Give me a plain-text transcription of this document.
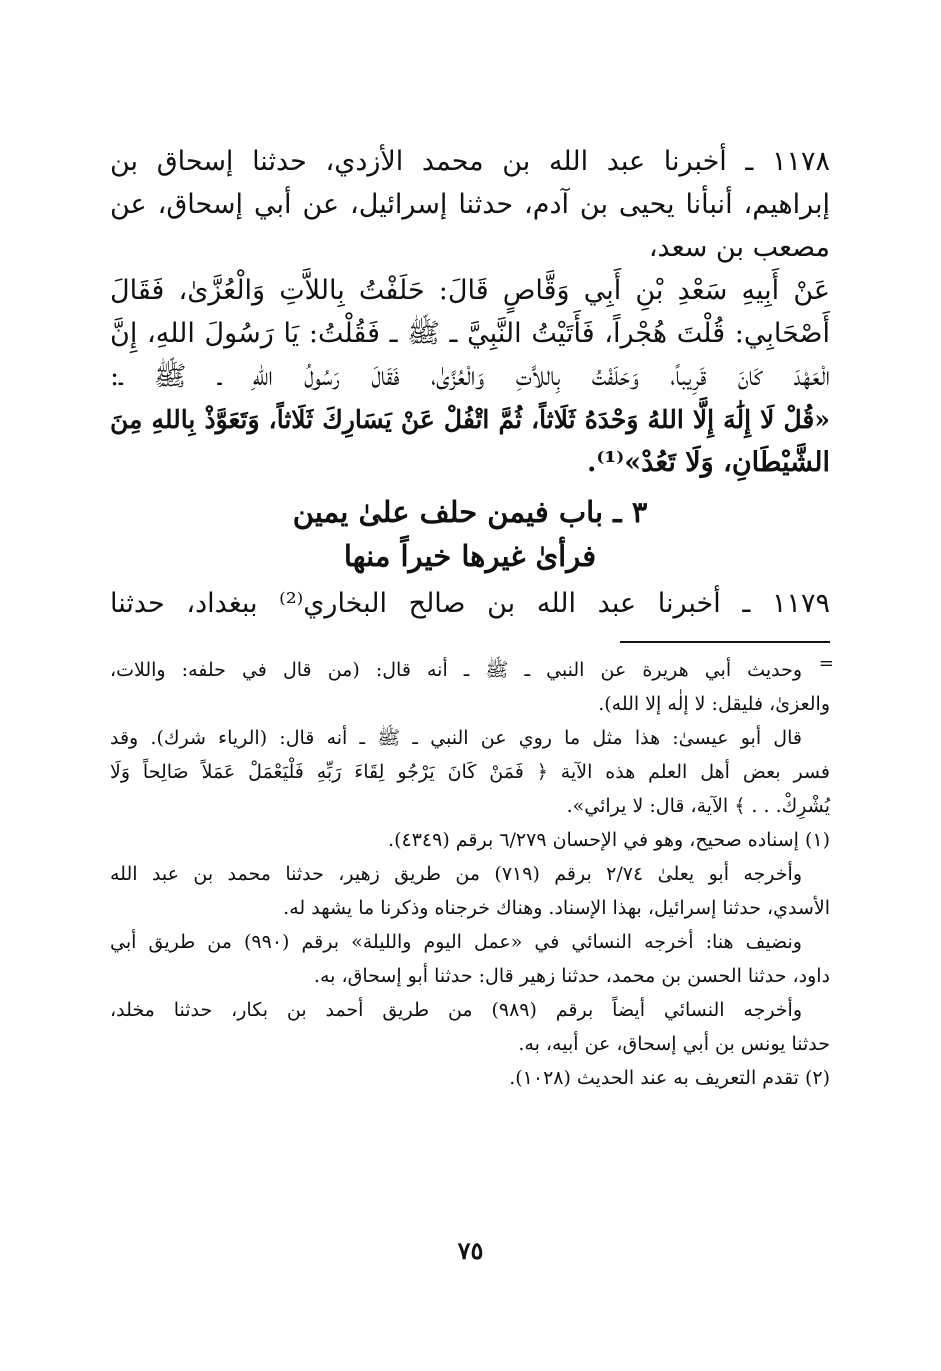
١١٧٨ ـ أخبرنا عبد الله بن محمد الأزدي، حدثنا إسحاق بن

إبراهيم، أنبأنا يحيى بن آدم، حدثنا إسرائيل، عن أبي إسحاق، عن

مصعب بن سعد،

عَنْ أَبِيهِ سَعْدِ بْنِ أَبِي وَقَّاصٍ قَالَ: حَلَفْتُ بِاللاَّتِ وَالْعُزَّىٰ، فَقَالَ

أَصْحَابِي: قُلْتَ هُجْراً، فَأَتَيْتُ النَّبِيَّ ـ ﷺ ـ فَقُلْتُ: يَا رَسُولَ اللهِ، إِنَّ

الْعَهْدَ كَانَ قَرِيباً، وَحَلَفْتُ بِاللاَّتِ وَالْعُزَّىٰ، فَقَالَ رَسُولُ اللهِ ـ ﷺ ـ:

«قُلْ لَا إِلَٰهَ إِلَّا اللهُ وَحْدَهُ ثَلَاثاً، ثُمَّ اتْفُلْ عَنْ يَسَارِكَ ثَلَاثاً، وَتَعَوَّذْ بِاللهِ مِنَ

الشَّيْطَانِ، وَلَا تَعُدْ»⁽¹⁾.

٣ ـ باب فيمن حلف علىٰ يمين

فرأىٰ غيرها خيراً منها

١١٧٩ ـ أخبرنا عبد الله بن صالح البخاري⁽²⁾ ببغداد، حدثنا

=

وحديث أبي هريرة عن النبي ـ ﷺ ـ أنه قال: (من قال في حلفه: واللات،

والعزىٰ، فليقل: لا إلٰه إلا الله).

قال أبو عيسىٰ: هذا مثل ما روي عن النبي ـ ﷺ ـ أنه قال: (الرياء شرك). وقد

فسر بعض أهل العلم هذه الآية ﴿ فَمَنْ كَانَ يَرْجُو لِقَاءَ رَبِّهِ فَلْيَعْمَلْ عَمَلاً صَالِحاً وَلَا

يُشْرِكْ. . . ﴾ الآية، قال: لا يرائي».

(١) إسناده صحيح، وهو في الإحسان ٦/٢٧٩ برقم (٤٣٤٩).

وأخرجه أبو يعلىٰ ٢/٧٤ برقم (٧١٩) من طريق زهير، حدثنا محمد بن عبد الله

الأسدي، حدثنا إسرائيل، بهذا الإسناد. وهناك خرجناه وذكرنا ما يشهد له.

ونضيف هنا: أخرجه النسائي في «عمل اليوم والليلة» برقم (٩٩٠) من طريق أبي

داود، حدثنا الحسن بن محمد، حدثنا زهير قال: حدثنا أبو إسحاق، به.

وأخرجه النسائي أيضاً برقم (٩٨٩) من طريق أحمد بن بكار، حدثنا مخلد،

حدثنا يونس بن أبي إسحاق، عن أبيه، به.

(٢) تقدم التعريف به عند الحديث (١٠٢٨).

٧٥
